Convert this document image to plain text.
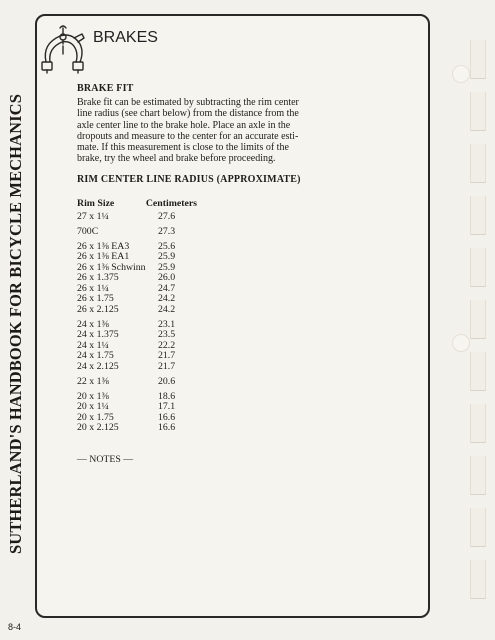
SUTHERLAND'S HANDBOOK FOR BICYCLE MECHANICS
BRAKES
BRAKE FIT
Brake fit can be estimated by subtracting the rim center
line radius (see chart below) from the distance from the
axle center line to the brake hole. Place an axle in the
dropouts and measure to the center for an accurate esti-
mate. If this measurement is close to the limits of the
brake, try the wheel and brake before proceeding.
RIM CENTER LINE RADIUS (APPROXIMATE)
Rim Size	Centimeters
27 x 1¼	27.6
700C	27.3
26 x 1⅜ EA3	25.6
26 x 1⅜ EA1	25.9
26 x 1⅜ Schwinn	25.9
26 x 1.375	26.0
26 x 1¼	24.7
26 x 1.75	24.2
26 x 2.125	24.2
24 x 1⅜	23.1
24 x 1.375	23.5
24 x 1¼	22.2
24 x 1.75	21.7
24 x 2.125	21.7
22 x 1⅜	20.6
20 x 1⅜	18.6
20 x 1¼	17.1
20 x 1.75	16.6
20 x 2.125	16.6
— NOTES —
8-4
